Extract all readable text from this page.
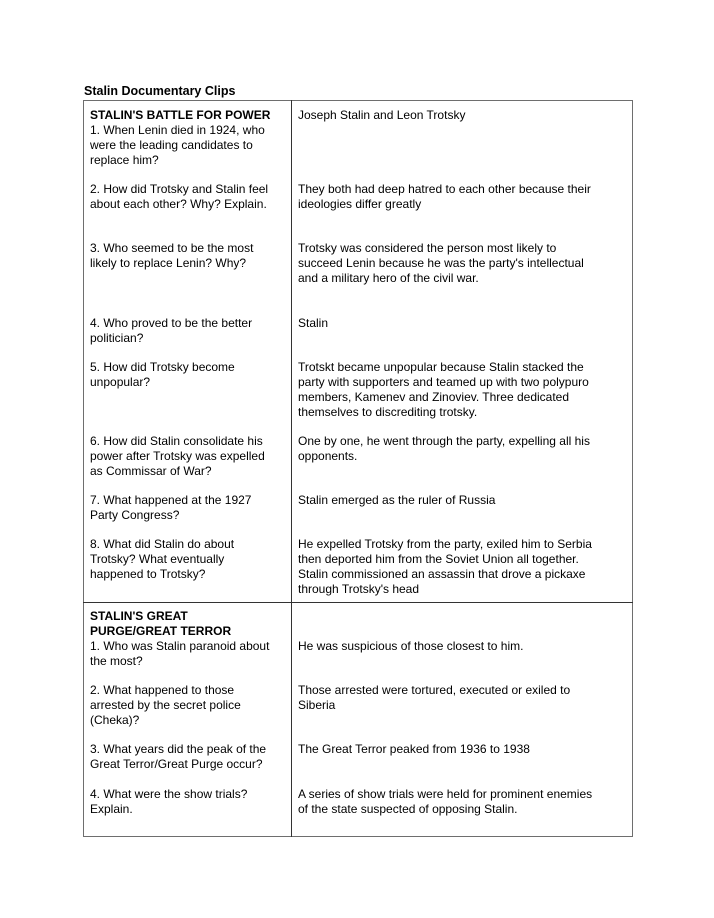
Stalin Documentary Clips
STALIN'S BATTLE FOR POWER
1. When Lenin died in 1924, who
were the leading candidates to
replace him?
Joseph Stalin and Leon Trotsky
2. How did Trotsky and Stalin feel
about each other? Why? Explain.
They both had deep hatred to each other because their
ideologies differ greatly
3. Who seemed to be the most
likely to replace Lenin? Why?
Trotsky was considered the person most likely to
succeed Lenin because he was the party's intellectual
and a military hero of the civil war.
4. Who proved to be the better
politician?
Stalin
5. How did Trotsky become
unpopular?
Trotskt became unpopular because Stalin stacked the
party with supporters and teamed up with two polypuro
members, Kamenev and Zinoviev. Three dedicated
themselves to discrediting trotsky.
6. How did Stalin consolidate his
power after Trotsky was expelled
as Commissar of War?
One by one, he went through the party, expelling all his
opponents.
7. What happened at the 1927
Party Congress?
Stalin emerged as the ruler of Russia
8. What did Stalin do about
Trotsky? What eventually
happened to Trotsky?
He expelled Trotsky from the party, exiled him to Serbia
then deported him from the Soviet Union all together.
Stalin commissioned an assassin that drove a pickaxe
through Trotsky's head
STALIN'S GREAT
PURGE/GREAT TERROR
1. Who was Stalin paranoid about
the most?
He was suspicious of those closest to him.
2. What happened to those
arrested by the secret police
(Cheka)?
Those arrested were tortured, executed or exiled to
Siberia
3. What years did the peak of the
Great Terror/Great Purge occur?
The Great Terror peaked from 1936 to 1938
4. What were the show trials?
Explain.
A series of show trials were held for prominent enemies
of the state suspected of opposing Stalin.
